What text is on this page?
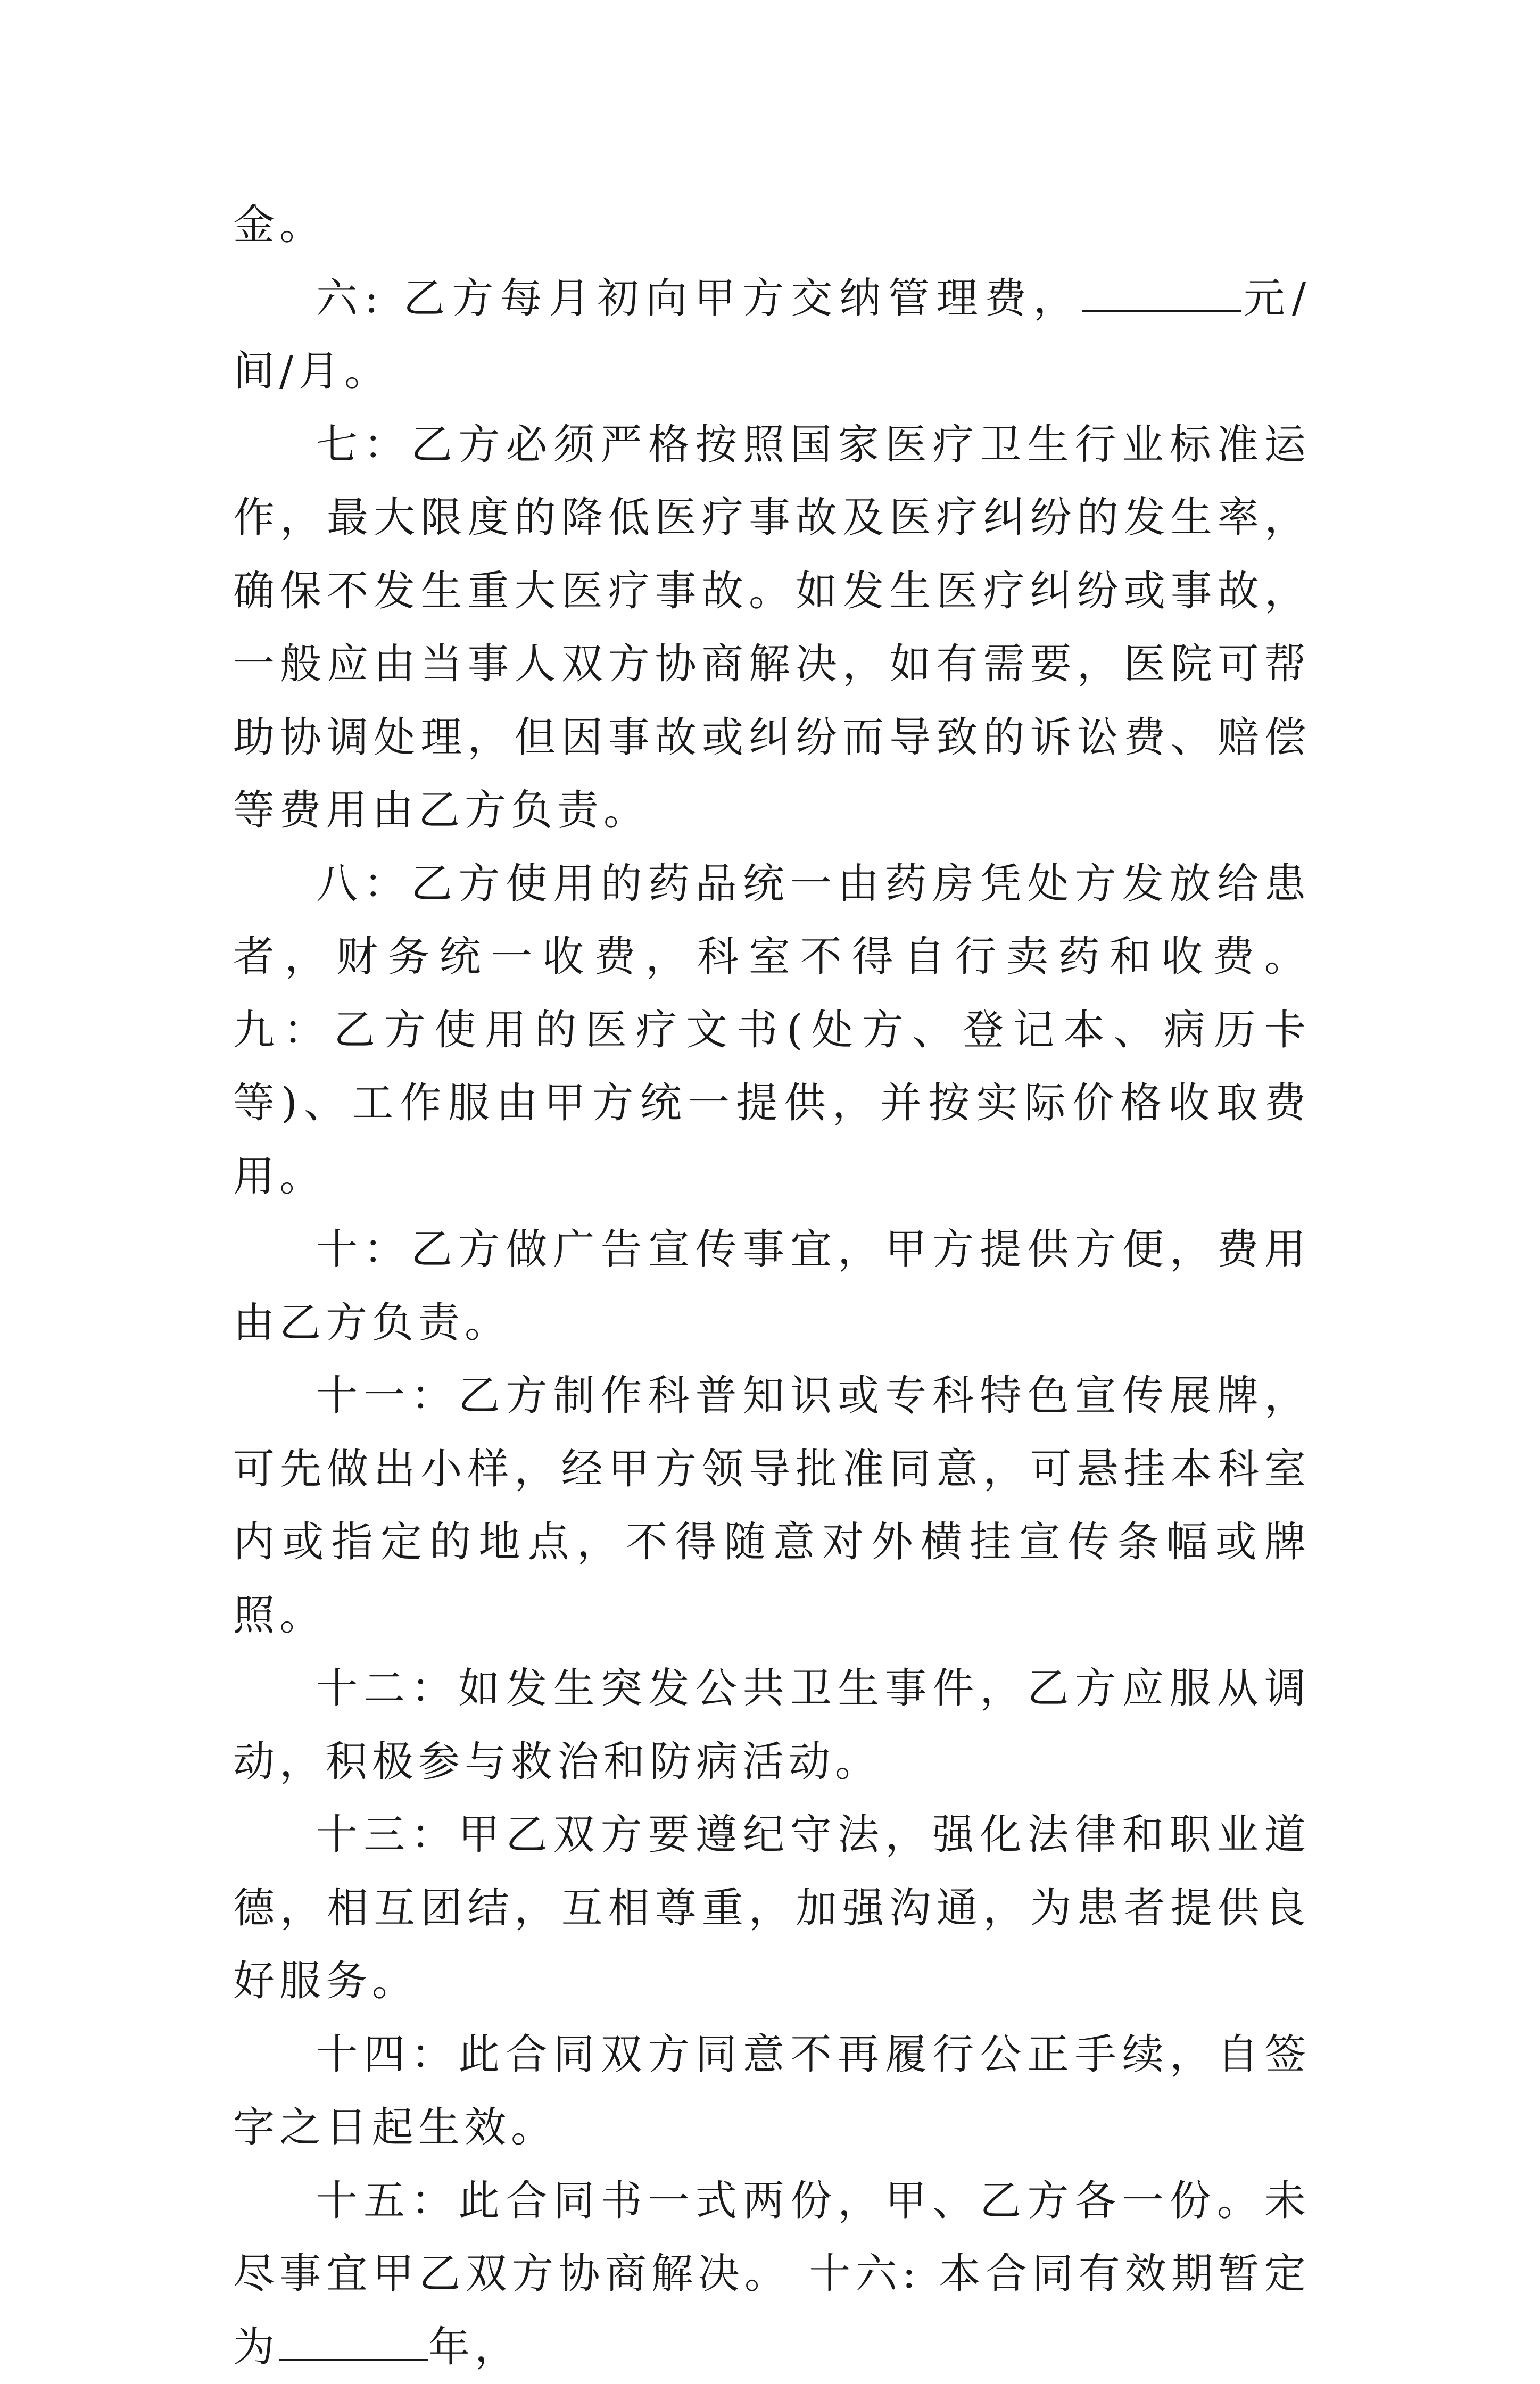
金。

六: 乙方每月初向甲方交纳管理费，	元/间/月。

七：乙方必须严格按照国家医疗卫生行业标准运作，最大限度的降低医疗事故及医疗纠纷的发生率，确保不发生重大医疗事故。如发生医疗纠纷或事故，一般应由当事人双方协商解决，如有需要，医院可帮助协调处理，但因事故或纠纷而导致的诉讼费、赔偿等费用由乙方负责。

八：乙方使用的药品统一由药房凭处方发放给患者，财务统一收费，科室不得自行卖药和收费。 九：乙方使用的医疗文书(处方、登记本、病历卡等)、工作服由甲方统一提供，并按实际价格收取费用。

十：乙方做广告宣传事宜，甲方提供方便，费用由乙方负责。

十一：乙方制作科普知识或专科特色宣传展牌，可先做出小样，经甲方领导批准同意，可悬挂本科室内或指定的地点，不得随意对外横挂宣传条幅或牌照。

十二：如发生突发公共卫生事件，乙方应服从调动，积极参与救治和防病活动。

十三：甲乙双方要遵纪守法，强化法律和职业道德，相互团结，互相尊重，加强沟通，为患者提供良好服务。

十四：此合同双方同意不再履行公正手续，自签字之日起生效。

十五：此合同书一式两份，甲、乙方各一份。未尽事宜甲乙双方协商解决。 十六: 本合同有效期暂定为	年，
